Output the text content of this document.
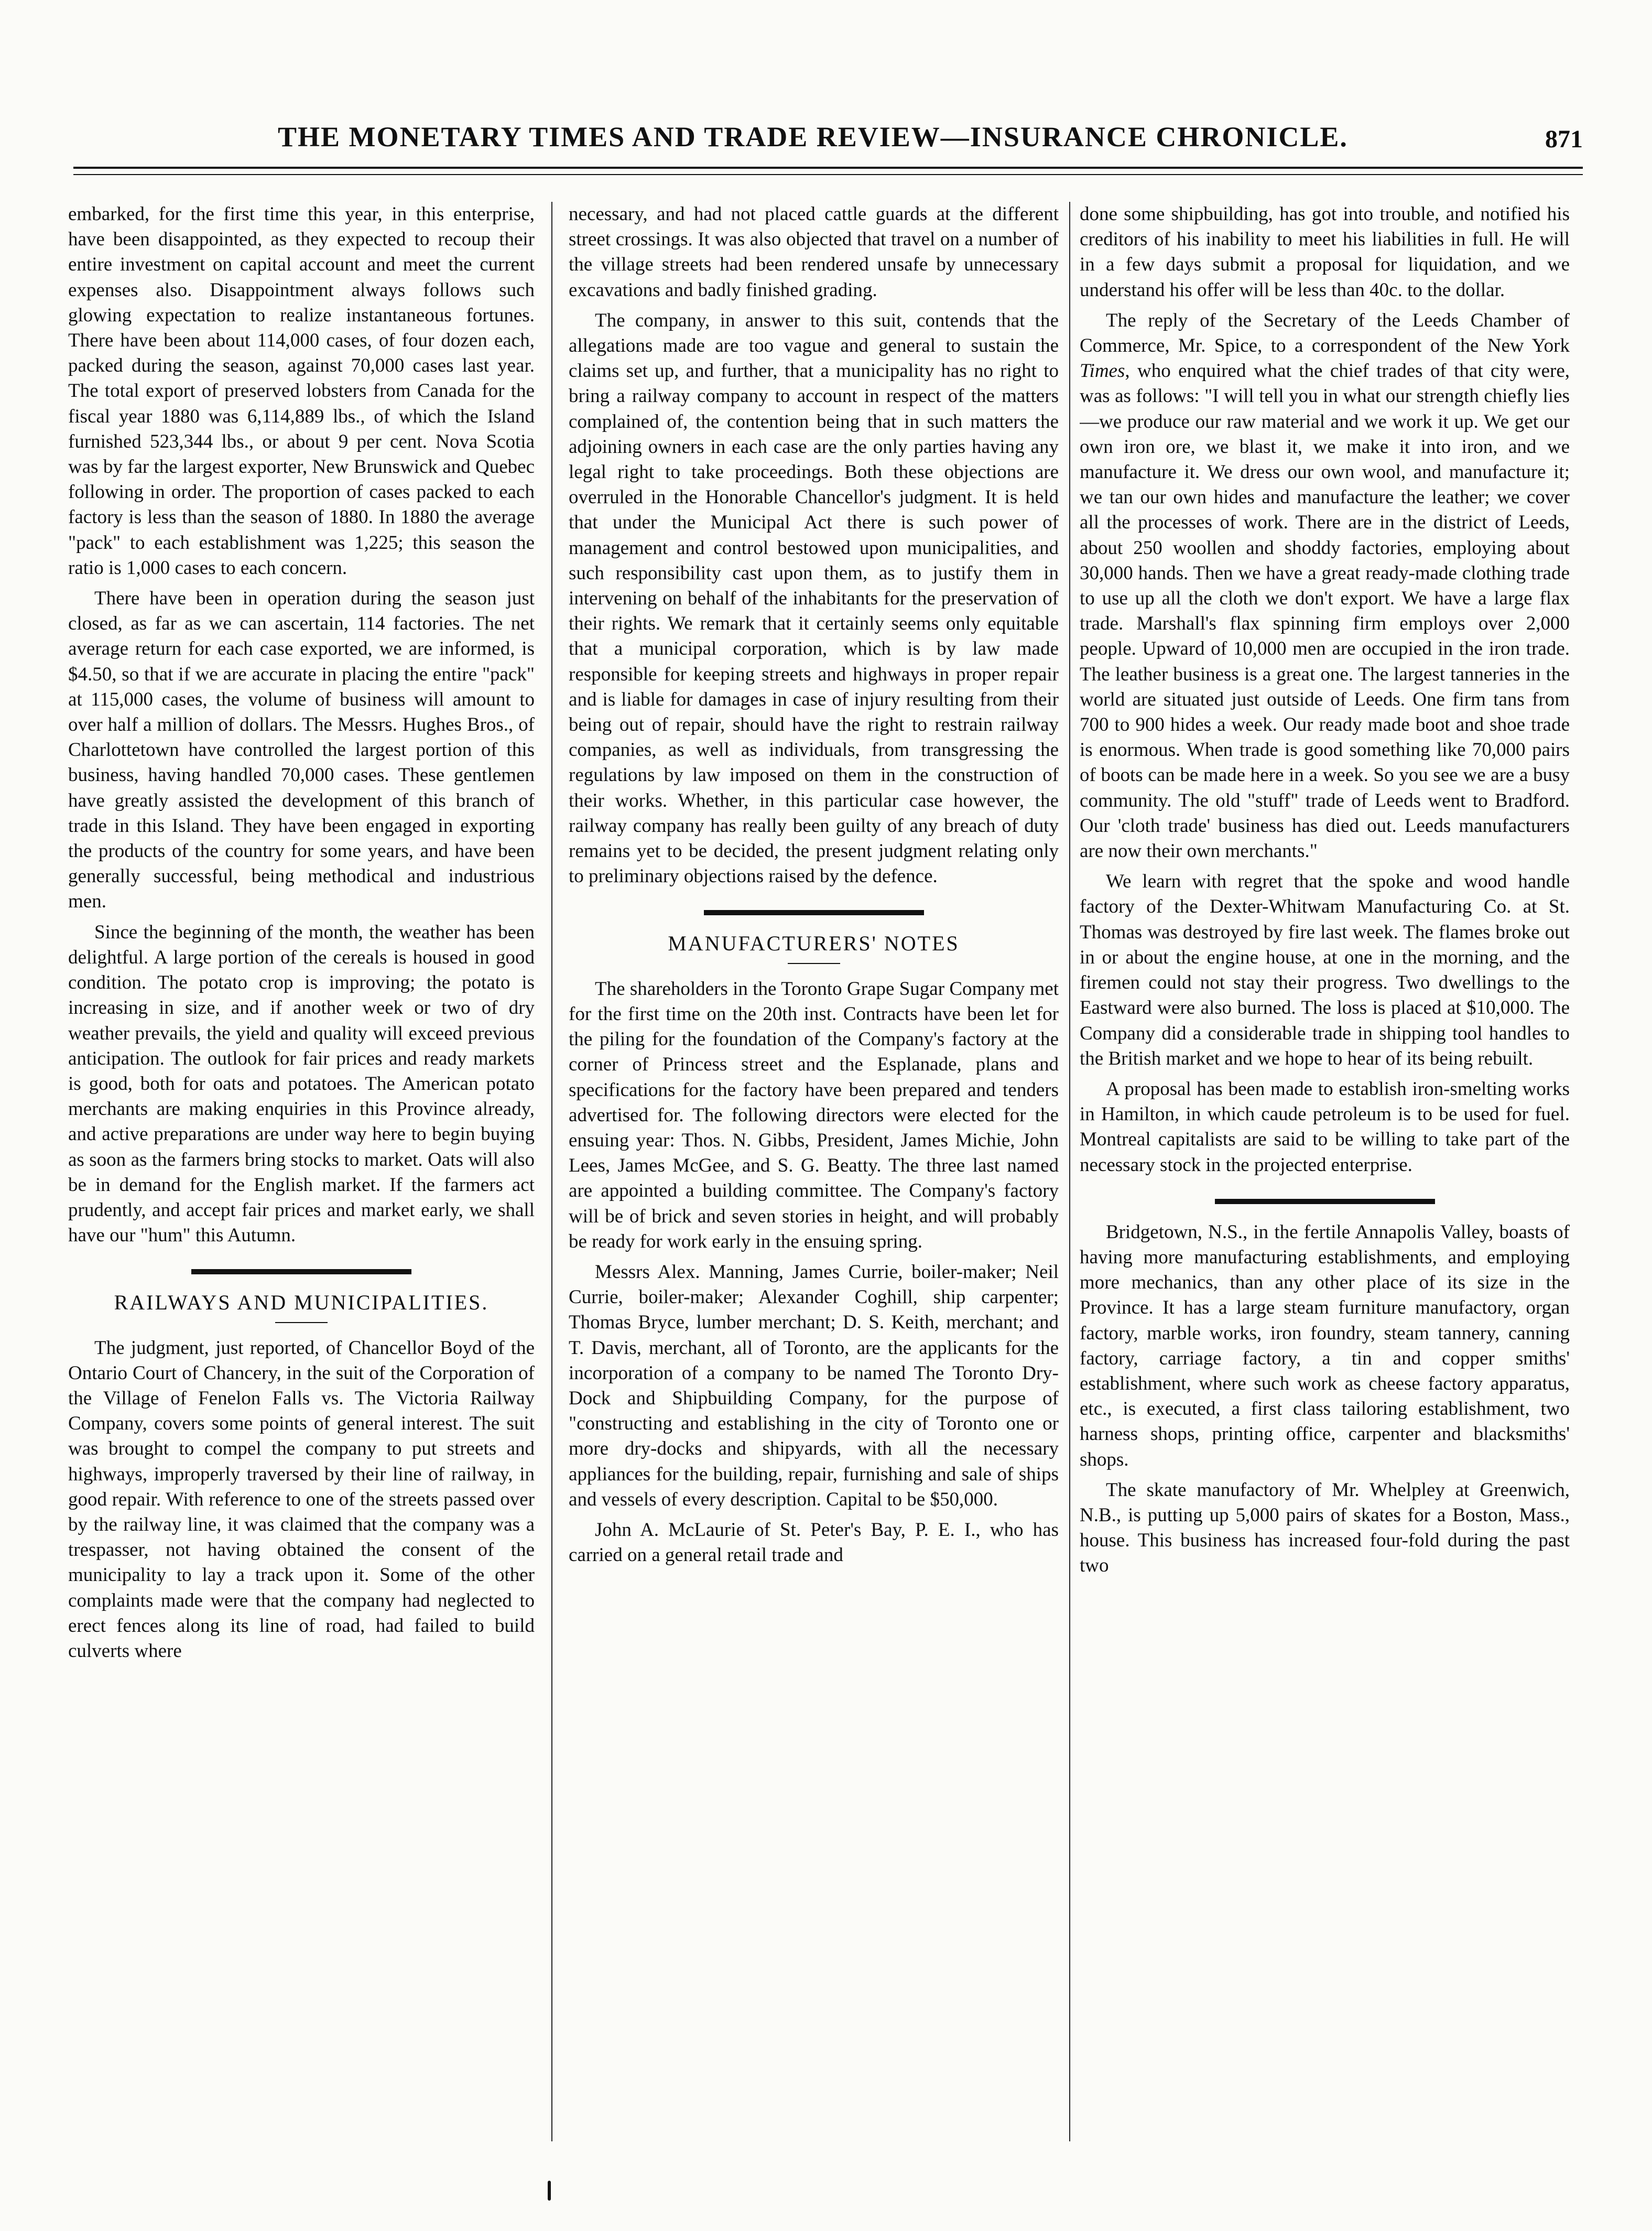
THE MONETARY TIMES AND TRADE REVIEW—INSURANCE CHRONICLE.	871

embarked, for the first time this year, in this enterprise, have been disappointed, as they expected to recoup their entire investment on capital account and meet the current expenses also. Disappointment always follows such glowing expectation to realize instantaneous fortunes. There have been about 114,000 cases, of four dozen each, packed during the season, against 70,000 cases last year. The total export of preserved lobsters from Canada for the fiscal year 1880 was 6,114,889 lbs., of which the Island furnished 523,344 lbs., or about 9 per cent. Nova Scotia was by far the largest exporter, New Brunswick and Quebec following in order. The proportion of cases packed to each factory is less than the season of 1880. In 1880 the average "pack" to each establishment was 1,225; this season the ratio is 1,000 cases to each concern.

There have been in operation during the season just closed, as far as we can ascertain, 114 factories. The net average return for each case exported, we are informed, is $4.50, so that if we are accurate in placing the entire "pack" at 115,000 cases, the volume of business will amount to over half a million of dollars. The Messrs. Hughes Bros., of Charlottetown have controlled the largest portion of this business, having handled 70,000 cases. These gentlemen have greatly assisted the development of this branch of trade in this Island. They have been engaged in exporting the products of the country for some years, and have been generally successful, being methodical and industrious men.

Since the beginning of the month, the weather has been delightful. A large portion of the cereals is housed in good condition. The potato crop is improving; the potato is increasing in size, and if another week or two of dry weather prevails, the yield and quality will exceed previous anticipation. The outlook for fair prices and ready markets is good, both for oats and potatoes. The American potato merchants are making enquiries in this Province already, and active preparations are under way here to begin buying as soon as the farmers bring stocks to market. Oats will also be in demand for the English market. If the farmers act prudently, and accept fair prices and market early, we shall have our "hum" this Autumn.

RAILWAYS AND MUNICIPALITIES.

The judgment, just reported, of Chancellor Boyd of the Ontario Court of Chancery, in the suit of the Corporation of the Village of Fenelon Falls vs. The Victoria Railway Company, covers some points of general interest. The suit was brought to compel the company to put streets and highways, improperly traversed by their line of railway, in good repair. With reference to one of the streets passed over by the railway line, it was claimed that the company was a trespasser, not having obtained the consent of the municipality to lay a track upon it. Some of the other complaints made were that the company had neglected to erect fences along its line of road, had failed to build culverts where

necessary, and had not placed cattle guards at the different street crossings. It was also objected that travel on a number of the village streets had been rendered unsafe by unnecessary excavations and badly finished grading.

The company, in answer to this suit, contends that the allegations made are too vague and general to sustain the claims set up, and further, that a municipality has no right to bring a railway company to account in respect of the matters complained of, the contention being that in such matters the adjoining owners in each case are the only parties having any legal right to take proceedings. Both these objections are overruled in the Honorable Chancellor's judgment. It is held that under the Municipal Act there is such power of management and control bestowed upon municipalities, and such responsibility cast upon them, as to justify them in intervening on behalf of the inhabitants for the preservation of their rights. We remark that it certainly seems only equitable that a municipal corporation, which is by law made responsible for keeping streets and highways in proper repair and is liable for damages in case of injury resulting from their being out of repair, should have the right to restrain railway companies, as well as individuals, from transgressing the regulations by law imposed on them in the construction of their works. Whether, in this particular case however, the railway company has really been guilty of any breach of duty remains yet to be decided, the present judgment relating only to preliminary objections raised by the defence.

MANUFACTURERS' NOTES

The shareholders in the Toronto Grape Sugar Company met for the first time on the 20th inst. Contracts have been let for the piling for the foundation of the Company's factory at the corner of Princess street and the Esplanade, plans and specifications for the factory have been prepared and tenders advertised for. The following directors were elected for the ensuing year: Thos. N. Gibbs, President, James Michie, John Lees, James McGee, and S. G. Beatty. The three last named are appointed a building committee. The Company's factory will be of brick and seven stories in height, and will probably be ready for work early in the ensuing spring.

Messrs Alex. Manning, James Currie, boiler-maker; Neil Currie, boiler-maker; Alexander Coghill, ship carpenter; Thomas Bryce, lumber merchant; D. S. Keith, merchant; and T. Davis, merchant, all of Toronto, are the applicants for the incorporation of a company to be named The Toronto Dry-Dock and Shipbuilding Company, for the purpose of "constructing and establishing in the city of Toronto one or more dry-docks and shipyards, with all the necessary appliances for the building, repair, furnishing and sale of ships and vessels of every description. Capital to be $50,000.

John A. McLaurie of St. Peter's Bay, P. E. I., who has carried on a general retail trade and

done some shipbuilding, has got into trouble, and notified his creditors of his inability to meet his liabilities in full. He will in a few days submit a proposal for liquidation, and we understand his offer will be less than 40c. to the dollar.

The reply of the Secretary of the Leeds Chamber of Commerce, Mr. Spice, to a correspondent of the New York Times, who enquired what the chief trades of that city were, was as follows: "I will tell you in what our strength chiefly lies—we produce our raw material and we work it up. We get our own iron ore, we blast it, we make it into iron, and we manufacture it. We dress our own wool, and manufacture it; we tan our own hides and manufacture the leather; we cover all the processes of work. There are in the district of Leeds, about 250 woollen and shoddy factories, employing about 30,000 hands. Then we have a great ready-made clothing trade to use up all the cloth we don't export. We have a large flax trade. Marshall's flax spinning firm employs over 2,000 people. Upward of 10,000 men are occupied in the iron trade. The leather business is a great one. The largest tanneries in the world are situated just outside of Leeds. One firm tans from 700 to 900 hides a week. Our ready made boot and shoe trade is enormous. When trade is good something like 70,000 pairs of boots can be made here in a week. So you see we are a busy community. The old "stuff" trade of Leeds went to Bradford. Our 'cloth trade' business has died out. Leeds manufacturers are now their own merchants."

We learn with regret that the spoke and wood handle factory of the Dexter-Whitwam Manufacturing Co. at St. Thomas was destroyed by fire last week. The flames broke out in or about the engine house, at one in the morning, and the firemen could not stay their progress. Two dwellings to the Eastward were also burned. The loss is placed at $10,000. The Company did a considerable trade in shipping tool handles to the British market and we hope to hear of its being rebuilt.

A proposal has been made to establish iron-smelting works in Hamilton, in which caude petroleum is to be used for fuel. Montreal capitalists are said to be willing to take part of the necessary stock in the projected enterprise.

Bridgetown, N.S., in the fertile Annapolis Valley, boasts of having more manufacturing establishments, and employing more mechanics, than any other place of its size in the Province. It has a large steam furniture manufactory, organ factory, marble works, iron foundry, steam tannery, canning factory, carriage factory, a tin and copper smiths' establishment, where such work as cheese factory apparatus, etc., is executed, a first class tailoring establishment, two harness shops, printing office, carpenter and blacksmiths' shops.

The skate manufactory of Mr. Whelpley at Greenwich, N.B., is putting up 5,000 pairs of skates for a Boston, Mass., house. This business has increased four-fold during the past two
